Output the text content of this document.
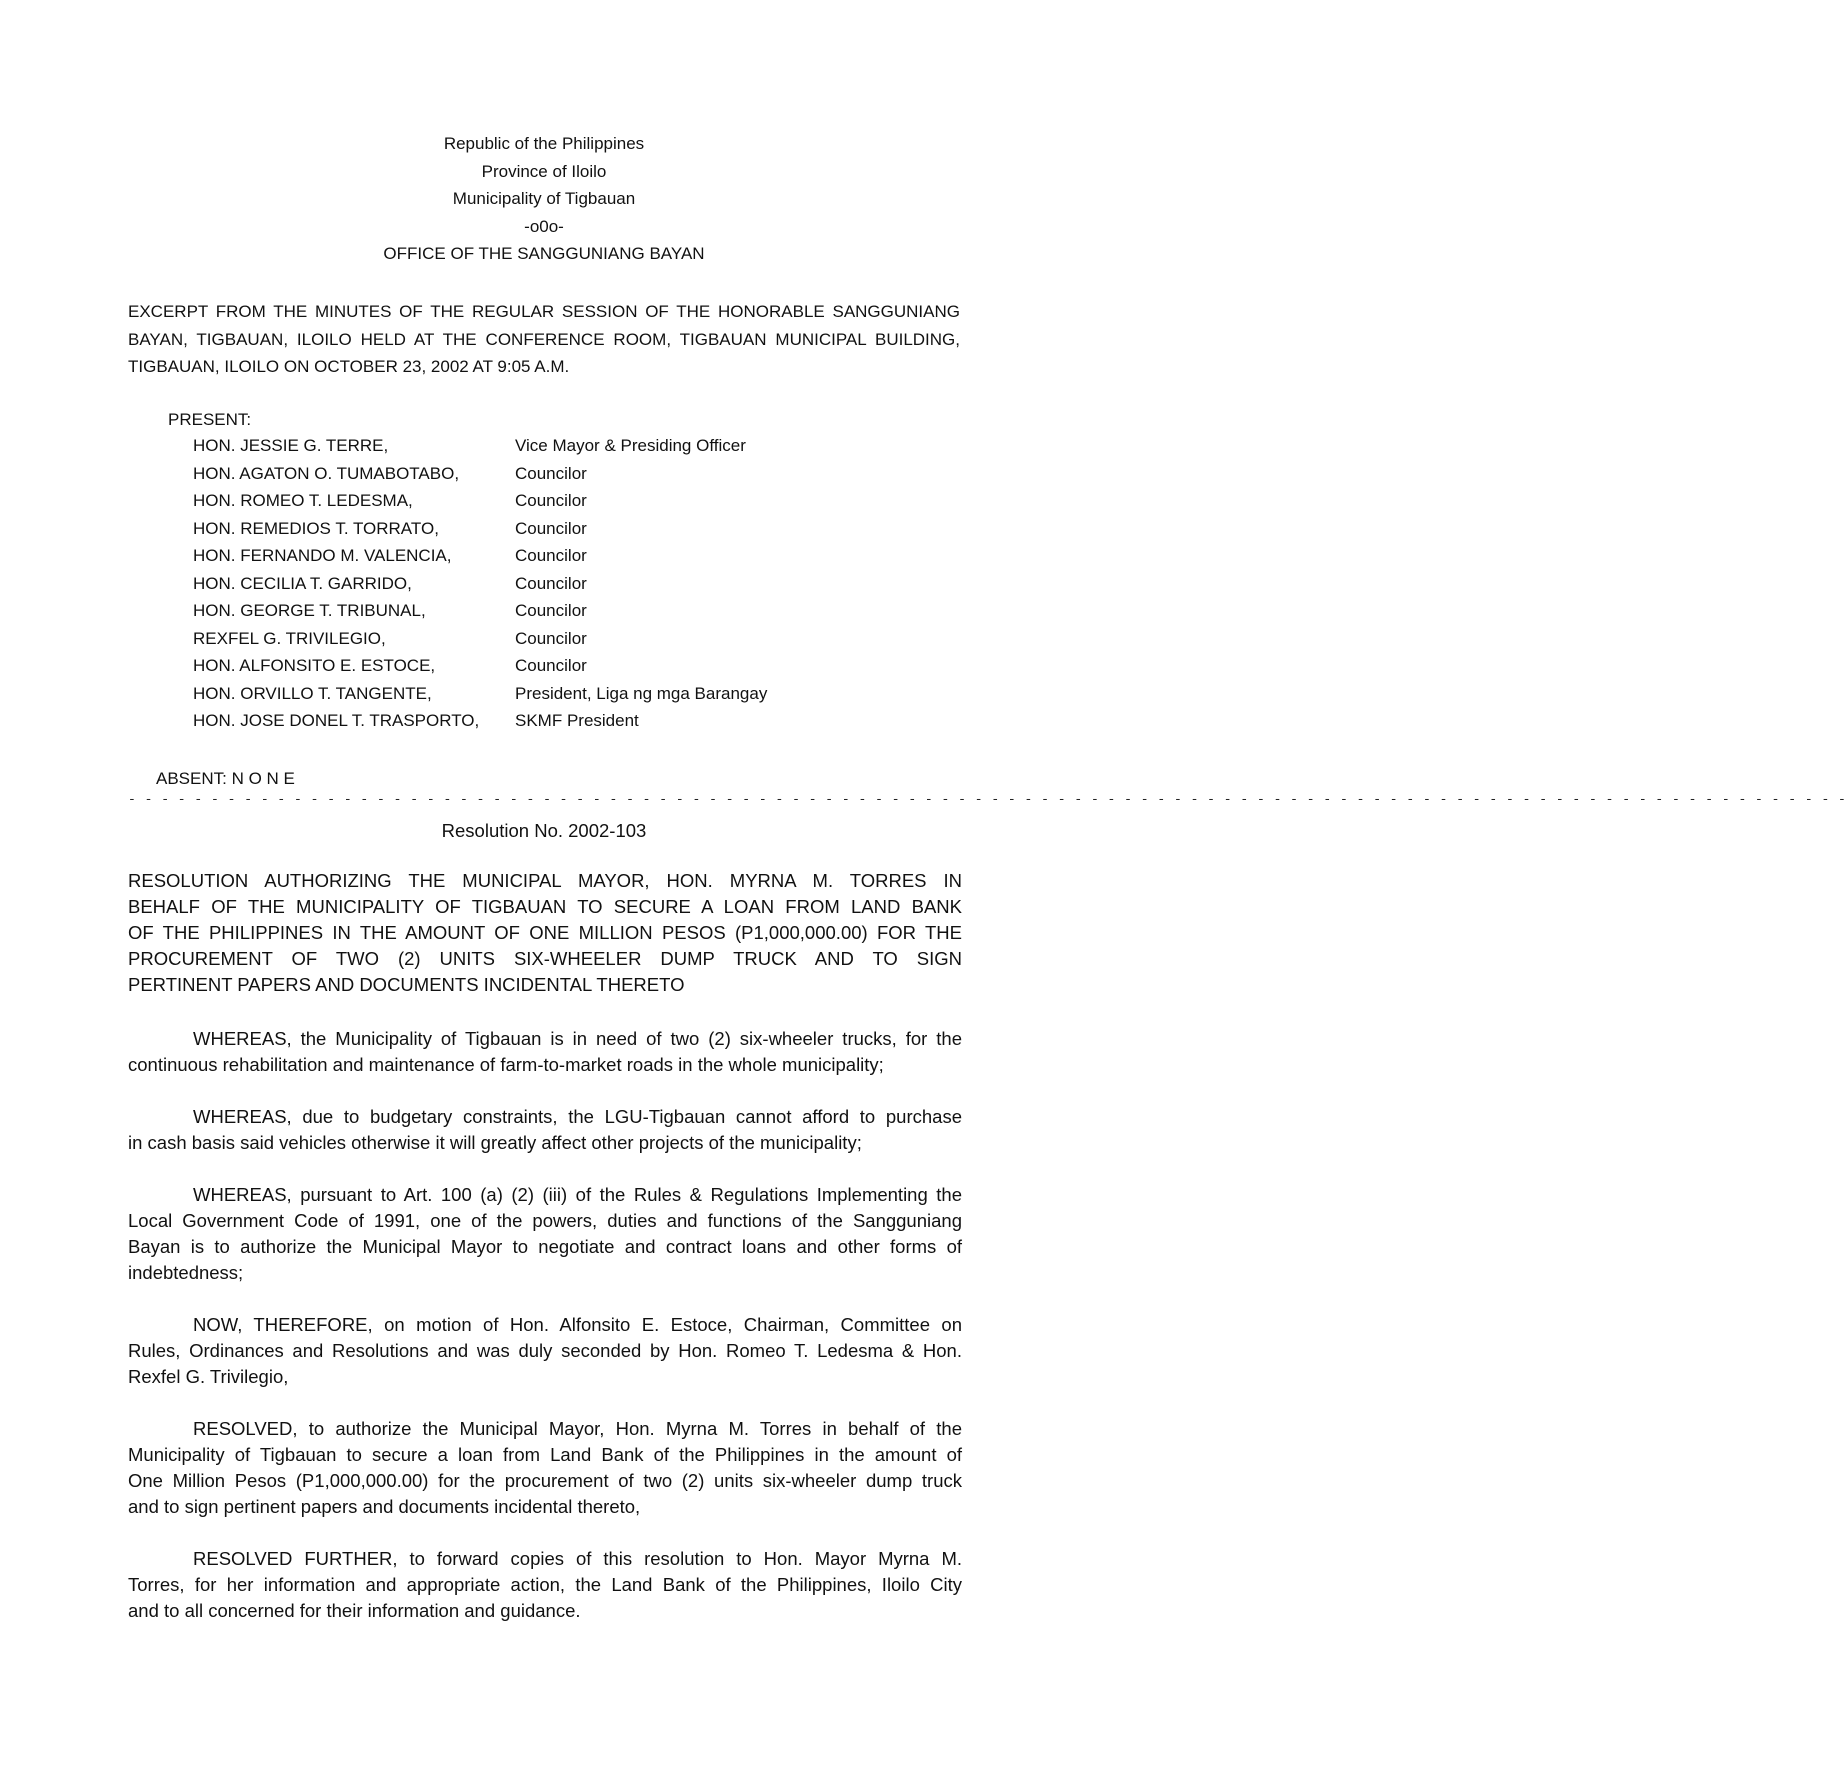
Republic of the Philippines
Province of Iloilo
Municipality of Tigbauan
-o0o-
OFFICE OF THE SANGGUNIANG BAYAN
EXCERPT FROM THE MINUTES OF THE REGULAR SESSION OF THE HONORABLE SANGGUNIANG BAYAN, TIGBAUAN, ILOILO HELD AT THE CONFERENCE ROOM, TIGBAUAN MUNICIPAL BUILDING, TIGBAUAN, ILOILO ON OCTOBER 23, 2002 AT 9:05 A.M.
PRESENT:
HON. JESSIE G. TERRE,	Vice Mayor & Presiding Officer
HON. AGATON O. TUMABOTABO,	Councilor
HON. ROMEO T. LEDESMA,	Councilor
HON. REMEDIOS T. TORRATO,	Councilor
HON. FERNANDO M. VALENCIA,	Councilor
HON. CECILIA T. GARRIDO,	Councilor
HON. GEORGE T. TRIBUNAL,	Councilor
REXFEL G. TRIVILEGIO,	Councilor
HON. ALFONSITO E. ESTOCE,	Councilor
HON. ORVILLO T. TANGENTE,	President, Liga ng mga Barangay
HON. JOSE DONEL T. TRASPORTO, SKMF President
ABSENT: N O N E
- - - - - - - - - - - - - - - - - - - - - - - - - - - - - - - - - - - - - - - - - - - - - - - - - - - - - - - - - - - - - - - - - - - - - - - - - - - - - - - - - - - - - - - - - - - - - - - - - - - - - - - -
Resolution No. 2002-103
RESOLUTION AUTHORIZING THE MUNICIPAL MAYOR, HON. MYRNA M. TORRES IN
BEHALF OF THE MUNICIPALITY OF TIGBAUAN TO SECURE A LOAN FROM LAND BANK
OF THE PHILIPPINES IN THE AMOUNT OF ONE MILLION PESOS (P1,000,000.00) FOR THE
PROCUREMENT OF TWO (2) UNITS SIX-WHEELER DUMP TRUCK AND TO SIGN
PERTINENT PAPERS AND DOCUMENTS INCIDENTAL THERETO
WHEREAS, the Municipality of Tigbauan is in need of two (2) six-wheeler trucks, for the
continuous rehabilitation and maintenance of farm-to-market roads in the whole municipality;
WHEREAS, due to budgetary constraints, the LGU-Tigbauan cannot afford to purchase
in cash basis said vehicles otherwise it will greatly affect other projects of the municipality;
WHEREAS, pursuant to Art. 100 (a) (2) (iii) of the Rules & Regulations Implementing the
Local Government Code of 1991, one of the powers, duties and functions of the Sangguniang
Bayan is to authorize the Municipal Mayor to negotiate and contract loans and other forms of
indebtedness;
NOW, THEREFORE, on motion of Hon. Alfonsito E. Estoce, Chairman, Committee on
Rules, Ordinances and Resolutions and was duly seconded by Hon. Romeo T. Ledesma & Hon.
Rexfel G. Trivilegio,
RESOLVED, to authorize the Municipal Mayor, Hon. Myrna M. Torres in behalf of the
Municipality of Tigbauan to secure a loan from Land Bank of the Philippines in the amount of
One Million Pesos (P1,000,000.00) for the procurement of two (2) units six-wheeler dump truck
and to sign pertinent papers and documents incidental thereto,
RESOLVED FURTHER, to forward copies of this resolution to Hon. Mayor Myrna M.
Torres, for her information and appropriate action, the Land Bank of the Philippines, Iloilo City
and to all concerned for their information and guidance.
